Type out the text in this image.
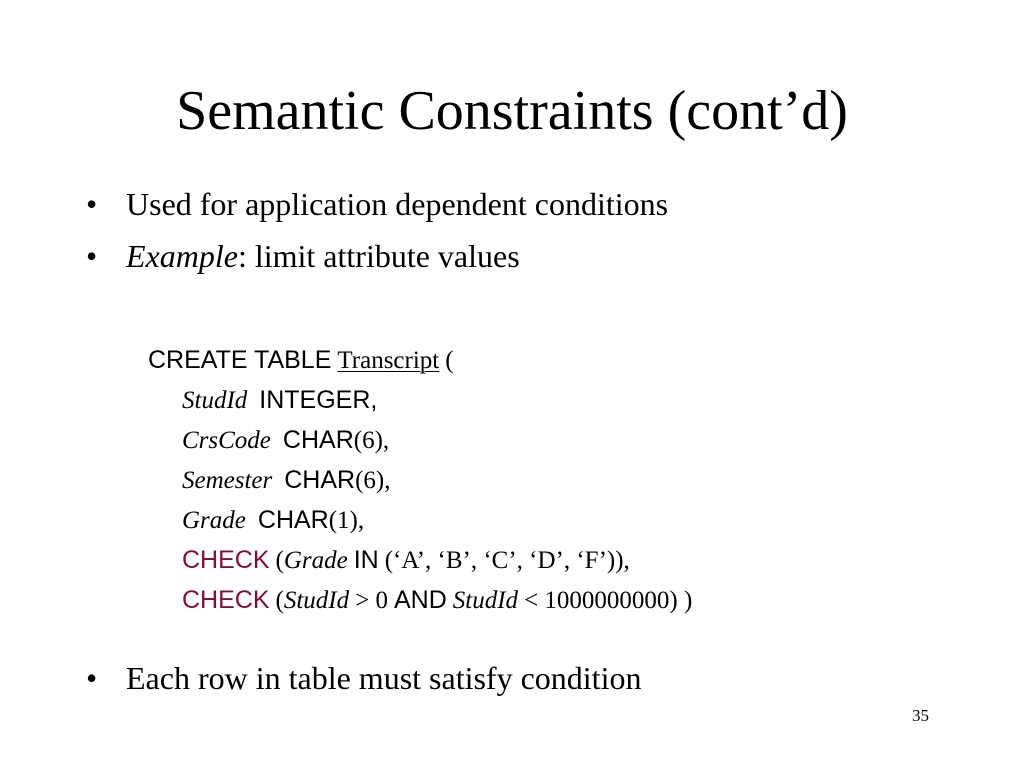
Semantic Constraints (cont’d)
• Used for application dependent conditions
• Example: limit attribute values
CREATE TABLE Transcript (
StudId INTEGER,
CrsCode CHAR(6),
Semester CHAR(6),
Grade CHAR(1),
CHECK (Grade IN (‘A’, ‘B’, ‘C’, ‘D’, ‘F’)),
CHECK (StudId > 0 AND StudId < 1000000000) )
• Each row in table must satisfy condition
35
